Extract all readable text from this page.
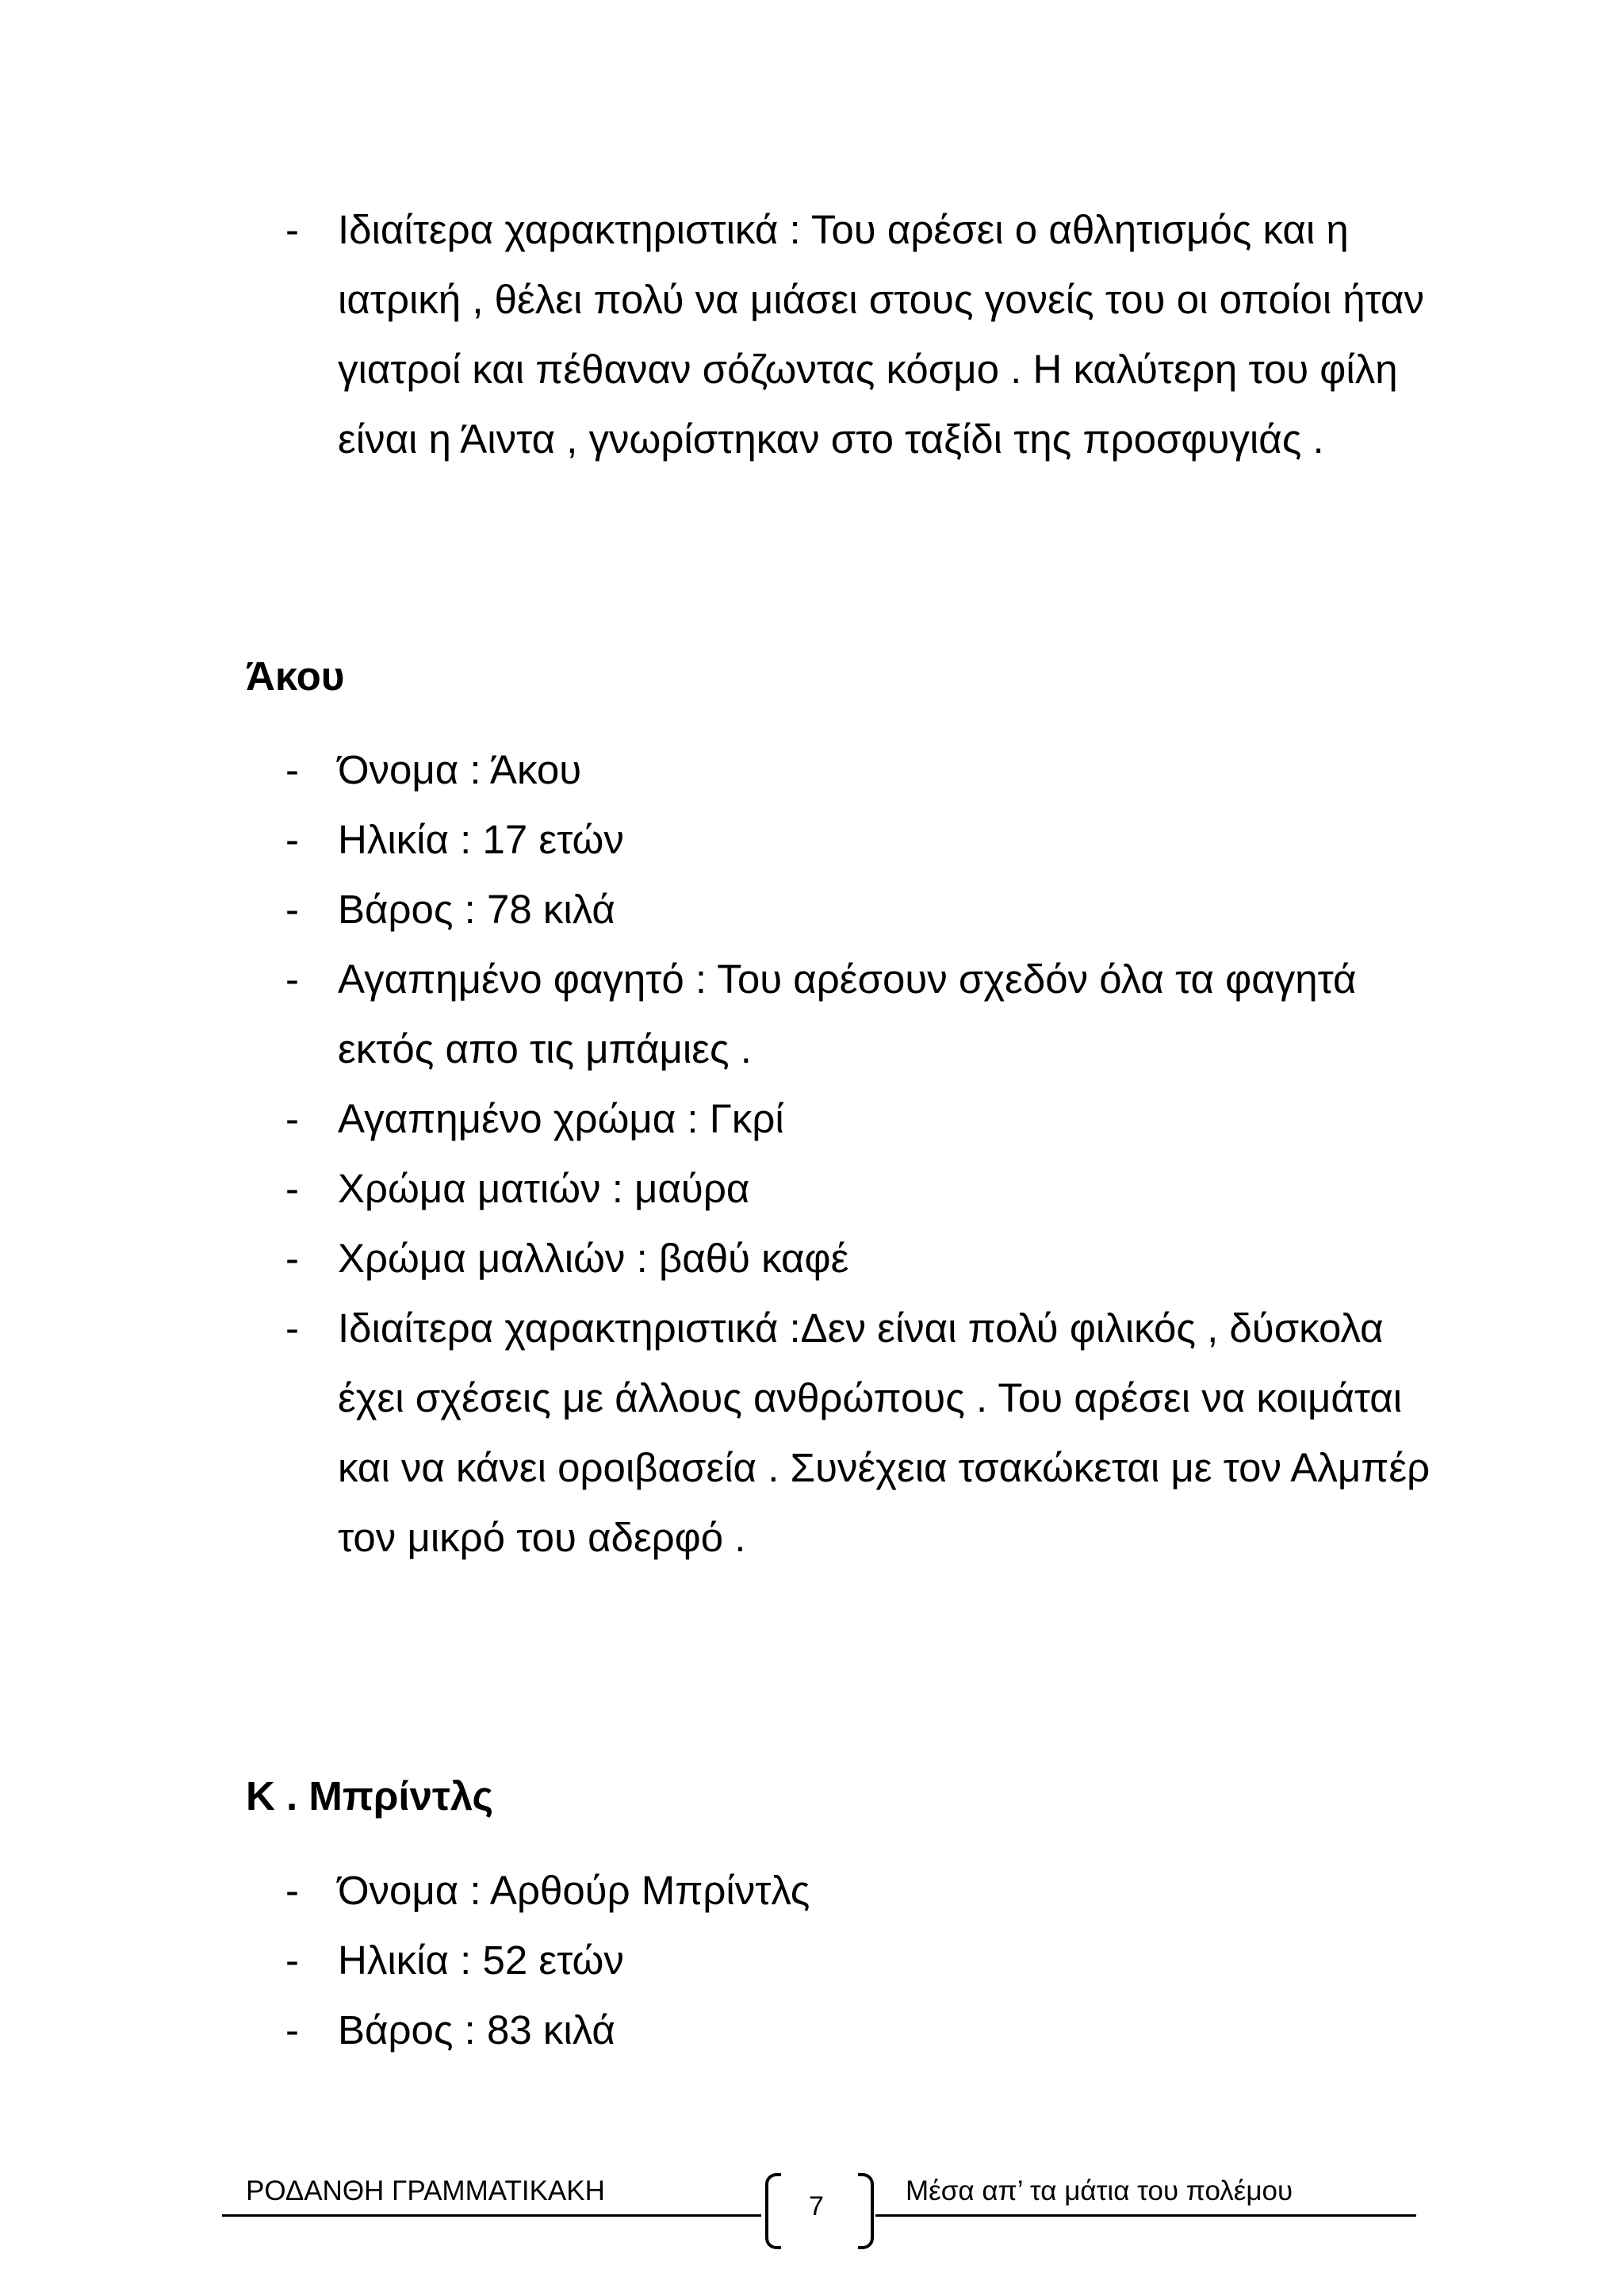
- Ιδιαίτερα χαρακτηριστικά : Του αρέσει ο αθλητισμός και η ιατρική , θέλει πολύ να μιάσει στους γονείς του οι οποίοι ήταν γιατροί και πέθαναν σόζωντας κόσμο . Η καλύτερη του φίλη είναι η Άιντα , γνωρίστηκαν στο ταξίδι της προσφυγιάς .
Άκου
- Όνομα : Άκου
- Ηλικία : 17 ετών
- Βάρος : 78 κιλά
- Αγαπημένο φαγητό : Του αρέσουν σχεδόν όλα τα φαγητά εκτός απο τις μπάμιες .
- Αγαπημένο χρώμα : Γκρί
- Χρώμα ματιών : μαύρα
- Χρώμα μαλλιών : βαθύ καφέ
- Ιδιαίτερα χαρακτηριστικά :Δεν είναι πολύ φιλικός , δύσκολα έχει σχέσεις με άλλους ανθρώπους . Του αρέσει να κοιμάται και να κάνει οροιβασεία . Συνέχεια τσακώκεται με τον Αλμπέρ τον μικρό του αδερφό .
Κ . Μπρίντλς
- Όνομα : Αρθούρ Μπρίντλς
- Ηλικία : 52 ετών
- Βάρος : 83 κιλά
ΡΟΔΑΝΘΗ ΓΡΑΜΜΑΤΙΚΑΚΗ	7	Μέσα απ’ τα μάτια του πολέμου
